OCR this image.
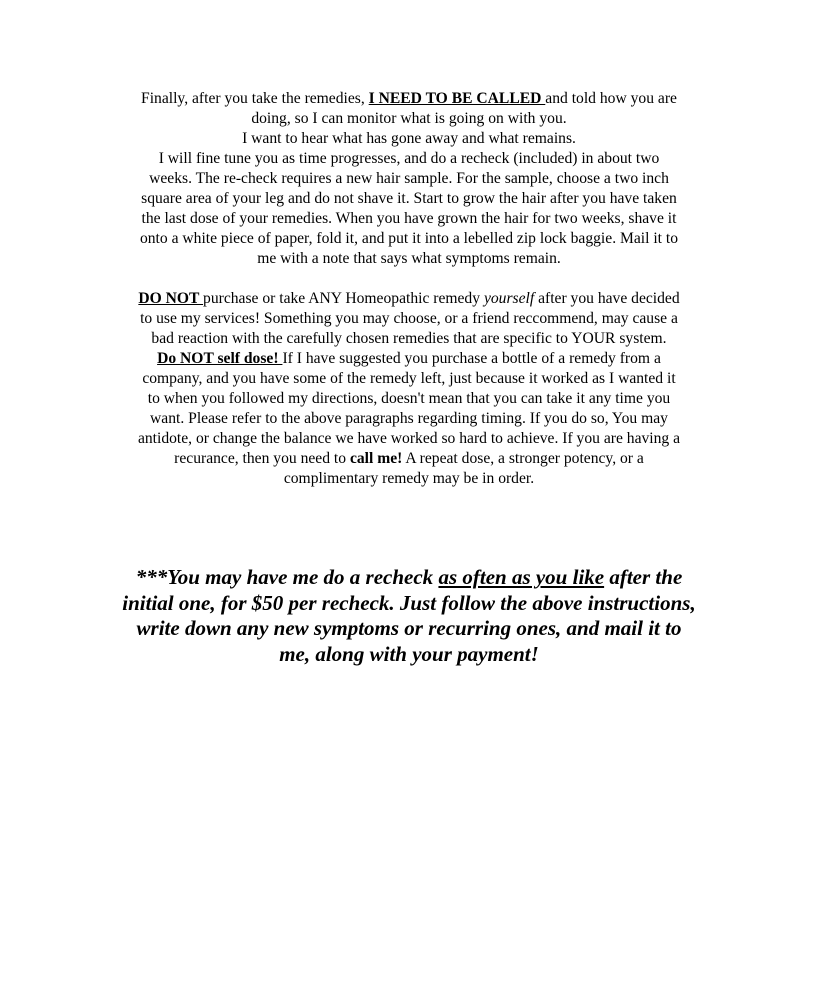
Finally, after you take the remedies, I NEED TO BE CALLED and told how you are doing, so I can monitor what is going on with you.

I want to hear what has gone away and what remains.

I will fine tune you as time progresses, and do a recheck (included) in about two weeks. The re-check requires a new hair sample. For the sample, choose a two inch square area of your leg and do not shave it. Start to grow the hair after you have taken the last dose of your remedies. When you have grown the hair for two weeks, shave it onto a white piece of paper, fold it, and put it into a lebelled zip lock baggie. Mail it to me with a note that says what symptoms remain.

DO NOT purchase or take ANY Homeopathic remedy yourself after you have decided to use my services! Something you may choose, or a friend reccommend, may cause a bad reaction with the carefully chosen remedies that are specific to YOUR system.

Do NOT self dose! If I have suggested you purchase a bottle of a remedy from a company, and you have some of the remedy left, just because it worked as I wanted it to when you followed my directions, doesn't mean that you can take it any time you want. Please refer to the above paragraphs regarding timing. If you do so, You may antidote, or change the balance we have worked so hard to achieve. If you are having a recurance, then you need to call me! A repeat dose, a stronger potency, or a complimentary remedy may be in order.

***You may have me do a recheck as often as you like after the initial one, for $50 per recheck. Just follow the above instructions, write down any new symptoms or recurring ones, and mail it to me, along with your payment!
